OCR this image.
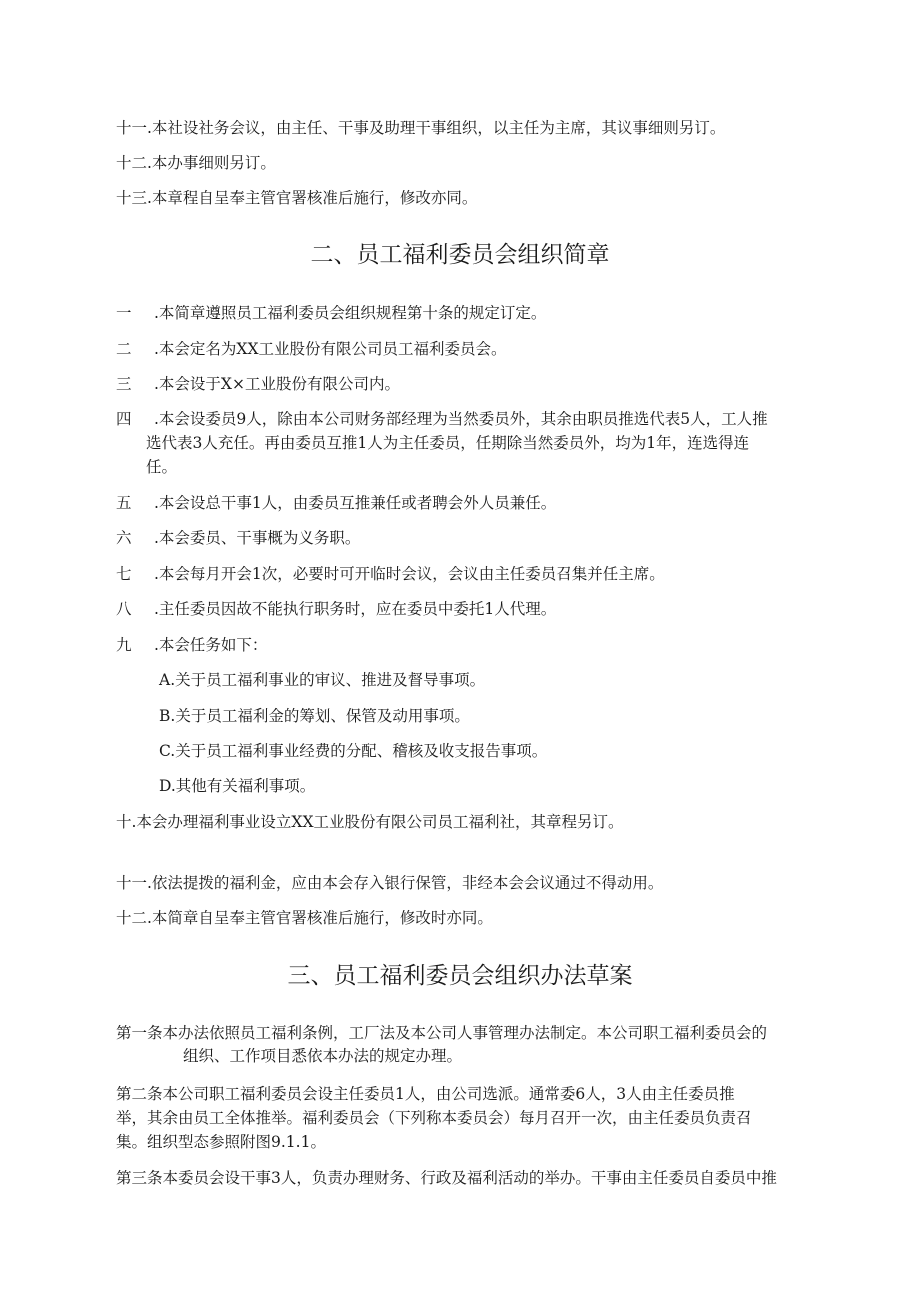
十一.本社设社务会议，由主任、干事及助理干事组织，以主任为主席，其议事细则另订。
十二.本办事细则另订。
十三.本章程自呈奉主管官署核准后施行，修改亦同。
二、员工福利委员会组织简章
一 .本简章遵照员工福利委员会组织规程第十条的规定订定。
二 .本会定名为XX工业股份有限公司员工福利委员会。
三 .本会设于X×工业股份有限公司内。
四 .本会设委员9人，除由本公司财务部经理为当然委员外，其余由职员推选代表5人，工人推
选代表3人充任。再由委员互推1人为主任委员，任期除当然委员外，均为1年，连选得连
任。
五 .本会设总干事1人，由委员互推兼任或者聘会外人员兼任。
六 .本会委员、干事概为义务职。
七 .本会每月开会1次，必要时可开临时会议，会议由主任委员召集并任主席。
八 .主任委员因故不能执行职务时，应在委员中委托1人代理。
九 .本会任务如下：
A.关于员工福利事业的审议、推进及督导事项。
B.关于员工福利金的筹划、保管及动用事项。
C.关于员工福利事业经费的分配、稽核及收支报告事项。
D.其他有关福利事项。
十.本会办理福利事业设立XX工业股份有限公司员工福利社，其章程另订。
十一.依法提拨的福利金，应由本会存入银行保管，非经本会会议通过不得动用。
十二.本简章自呈奉主管官署核准后施行，修改时亦同。
三、员工福利委员会组织办法草案
第一条本办法依照员工福利条例，工厂法及本公司人事管理办法制定。本公司职工福利委员会的
组织、工作项目悉依本办法的规定办理。
第二条本公司职工福利委员会设主任委员1人，由公司选派。通常委6人，3人由主任委员推
举，其余由员工全体推举。福利委员会（下列称本委员会）每月召开一次，由主任委员负责召
集。组织型态参照附图9.1.1。
第三条本委员会设干事3人，负责办理财务、行政及福利活动的举办。干事由主任委员自委员中推
